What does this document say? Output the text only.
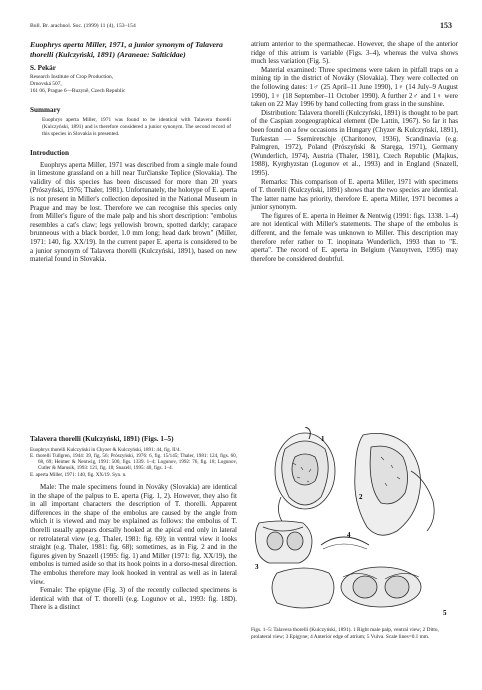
Bull. Br. arachnol. Soc. (1999) 11 (4), 153–154	153
Euophrys aperta Miller, 1971, a junior synonym of Talavera thorelli (Kulczyński, 1891) (Araneae: Salticidae)
S. Pekár
Research Institute of Crop Production,
Drnovská 507,
161 06, Prague 6—Ruzyně, Czech Republic
Summary
Euophrys aperta Miller, 1971 was found to be identical with Talavera thorelli (Kulczyński, 1891) and is therefore considered a junior synonym. The second record of this species in Slovakia is presented.
Introduction

Euophrys aperta Miller, 1971 was described from a single male found in limestone grassland on a hill near Turčianske Teplice (Slovakia). The validity of this species has been discussed for more than 20 years (Prószyński, 1976; Thaler, 1981). Unfortunately, the holotype of E. aperta is not present in Miller's collection deposited in the National Museum in Prague and may be lost. Therefore we can recognise this species only from Miller's figure of the male palp and his short description: "embolus resembles a cat's claw; legs yellowish brown, spotted darkly; carapace brunneous with a black border, 1.0 mm long; head dark brown" (Miller, 1971: 140, fig. XX/19). In the current paper E. aperta is considered to be a junior synonym of Talavera thorelli (Kulczyński, 1891), based on new material found in Slovakia.

Talavera thorelli (Kulczyński, 1891) (Figs. 1–5)
Euophrys thorelli Kulczyński in Chyzer & Kulczyński, 1891: 44, fig. II/4.
E. thorelli Tullgren, 1944: 39, fig. 56; Prószyński, 1976: 6, fig. 15/145; Thaler, 1981: 124, figs. 60, 68, 69; Heimer & Nentwig, 1991: 500, figs. 1339. 1–4; Logunov, 1992: 76, fig. 18; Logunov, Cutler & Marusik, 1993: 121, fig. 18; Snazell, 1995: 40, figs. 1–4.
E. aperta Miller, 1971: 140, fig. XX/19. Syn. n.

Male: The male specimens found in Nováky (Slovakia) are identical in the shape of the palpus to E. aperta (Fig. 1, 2). However, they also fit in all important characters the description of T. thorelli. Apparent differences in the shape of the embolus are caused by the angle from which it is viewed and may be explained as follows: the embolus of T. thorelli usually appears dorsally hooked at the apical end only in lateral or retrolateral view (e.g. Thaler, 1981: fig. 69); in ventral view it looks straight (e.g. Thaler, 1981: fig. 68); sometimes, as in Fig. 2 and in the figures given by Snazell (1995: fig. 1) and Miller (1971: fig. XX/19), the embolus is turned aside so that its hook points in a dorso-mesal direction. The embolus therefore may look hooked in ventral as well as in lateral view.

Female: The epigyne (Fig. 3) of the recently collected specimens is identical with that of T. thorelli (e.g. Logunov et al., 1993: fig. 18D). There is a distinct

atrium anterior to the spermathecae. However, the shape of the anterior ridge of this atrium is variable (Figs. 3–4), whereas the vulva shows much less variation (Fig. 5).

Material examined: Three specimens were taken in pitfall traps on a mining tip in the district of Nováky (Slovakia). They were collected on the following dates: 1♂ (25 April–11 June 1990), 1♀ (14 July–9 August 1990), 1♀ (18 September–11 October 1990). A further 2♂ and 1♀ were taken on 22 May 1996 by hand collecting from grass in the sunshine.

Distribution: Talavera thorelli (Kulczyński, 1891) is thought to be part of the Caspian zoogeographical element (De Lattin, 1967). So far it has been found on a few occasions in Hungary (Chyzer & Kulczyński, 1891), Turkestan — Ssemiretschje (Charitonov, 1936), Scandinavia (e.g. Palmgren, 1972), Poland (Prószyński & Staręga, 1971), Germany (Wunderlich, 1974), Austria (Thaler, 1981), Czech Republic (Majkus, 1988), Kyrghyzstan (Logunov et al., 1993) and in England (Snazell, 1995).

Remarks: This comparison of E. aperta Miller, 1971 with specimens of T. thorelli (Kulczyński, 1891) shows that the two species are identical. The latter name has priority, therefore E. aperta Miller, 1971 becomes a junior synonym.

The figures of E. aperta in Heimer & Nentwig (1991: figs. 1338. 1–4) are not identical with Miller's statements. The shape of the embolus is different, and the female was unknown to Miller. This description may therefore refer rather to T. inopinata Wunderlich, 1993 than to "E. aperta". The record of E. aperta in Belgium (Vanuytven, 1995) may therefore be considered doubtful.

1
2
3
4
5
Figs. 1–5: Talavera thorelli (Kulczyński, 1891). 1 Right male palp, ventral view; 2 Ditto, prolateral view; 3 Epigyne; 4 Anterior edge of atrium; 5 Vulva. Scale lines=0.1 mm.
